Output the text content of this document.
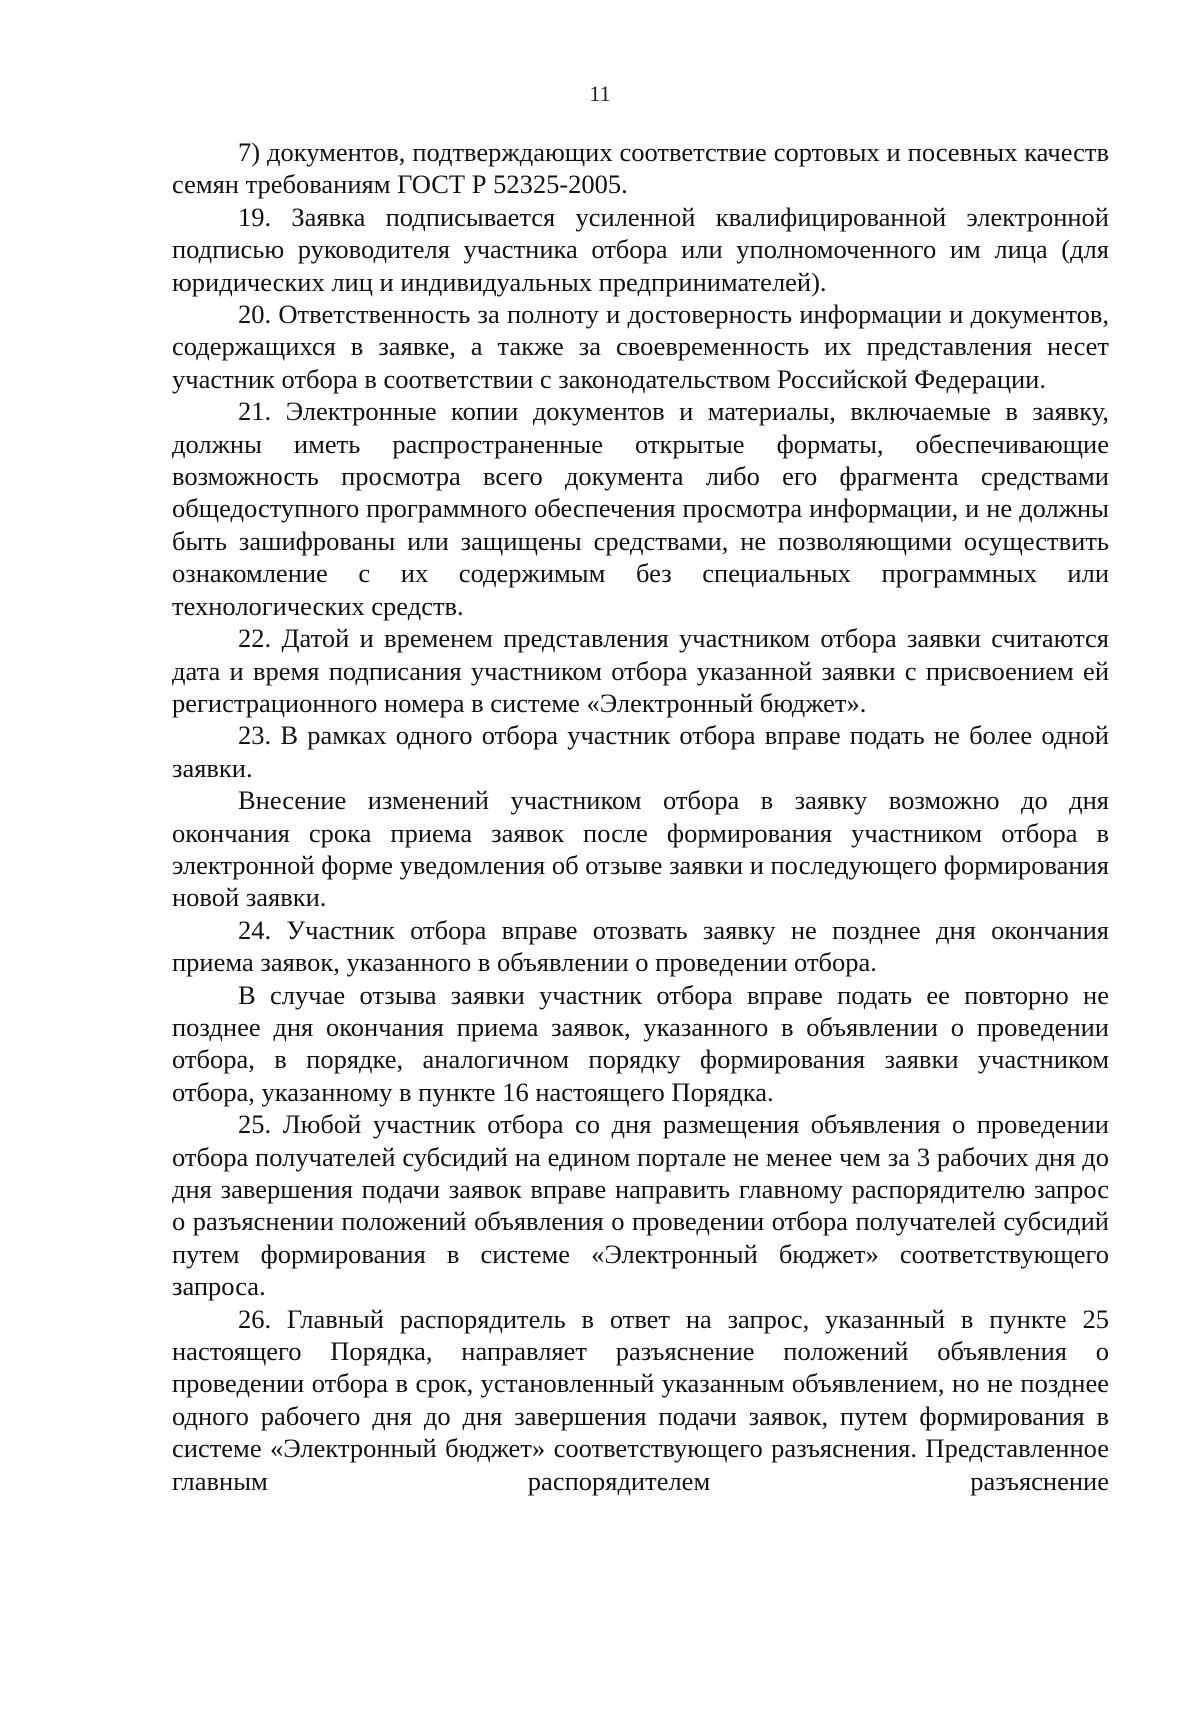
11

7) документов, подтверждающих соответствие сортовых и посевных качеств семян требованиям ГОСТ Р 52325-2005.

19. Заявка подписывается усиленной квалифицированной электронной подписью руководителя участника отбора или уполномоченного им лица (для юридических лиц и индивидуальных предпринимателей).

20. Ответственность за полноту и достоверность информации и документов, содержащихся в заявке, а также за своевременность их представления несет участник отбора в соответствии с законодательством Российской Федерации.

21. Электронные копии документов и материалы, включаемые в заявку, должны иметь распространенные открытые форматы, обеспечивающие возможность просмотра всего документа либо его фрагмента средствами общедоступного программного обеспечения просмотра информации, и не должны быть зашифрованы или защищены средствами, не позволяющими осуществить ознакомление с их содержимым без специальных программных или технологических средств.

22. Датой и временем представления участником отбора заявки считаются дата и время подписания участником отбора указанной заявки с присвоением ей регистрационного номера в системе «Электронный бюджет».

23. В рамках одного отбора участник отбора вправе подать не более одной заявки.

Внесение изменений участником отбора в заявку возможно до дня окончания срока приема заявок после формирования участником отбора в электронной форме уведомления об отзыве заявки и последующего формирования новой заявки.

24. Участник отбора вправе отозвать заявку не позднее дня окончания приема заявок, указанного в объявлении о проведении отбора.

В случае отзыва заявки участник отбора вправе подать ее повторно не позднее дня окончания приема заявок, указанного в объявлении о проведении отбора, в порядке, аналогичном порядку формирования заявки участником отбора, указанному в пункте 16 настоящего Порядка.

25. Любой участник отбора со дня размещения объявления о проведении отбора получателей субсидий на едином портале не менее чем за 3 рабочих дня до дня завершения подачи заявок вправе направить главному распорядителю запрос о разъяснении положений объявления о проведении отбора получателей субсидий путем формирования в системе «Электронный бюджет» соответствующего запроса.

26. Главный распорядитель в ответ на запрос, указанный в пункте 25 настоящего Порядка, направляет разъяснение положений объявления о проведении отбора в срок, установленный указанным объявлением, но не позднее одного рабочего дня до дня завершения подачи заявок, путем формирования в системе «Электронный бюджет» соответствующего разъяснения. Представленное главным распорядителем разъяснение
